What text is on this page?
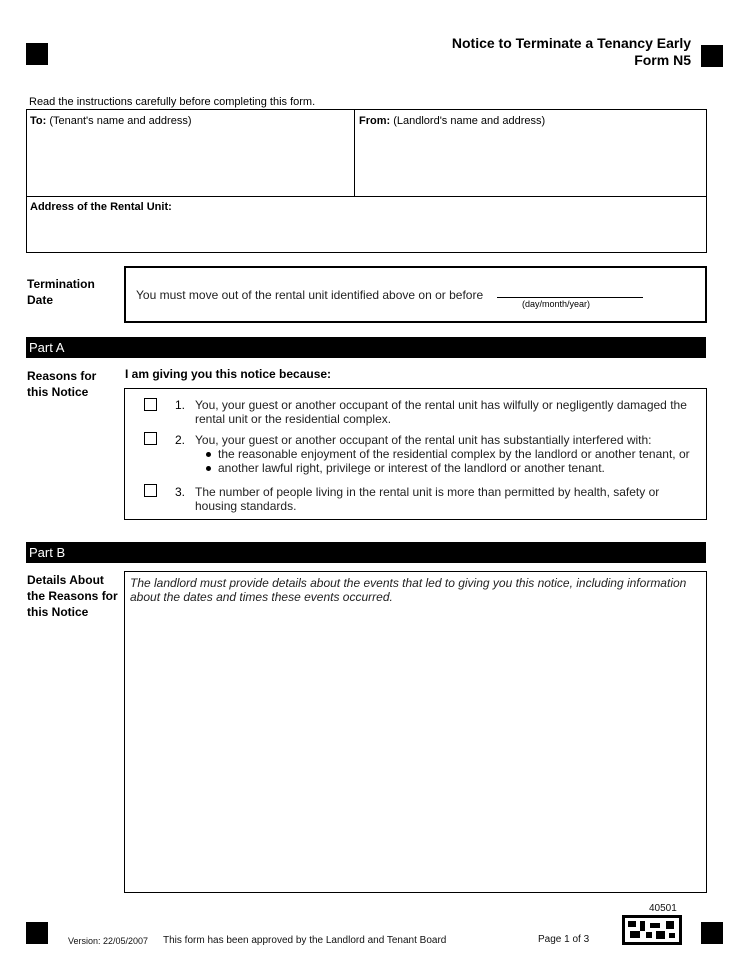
Notice to Terminate a Tenancy Early
Form N5
Read the instructions carefully before completing this form.
To: (Tenant's name and address)	From: (Landlord's name and address)
Address of the Rental Unit:
Termination
Date	You must move out of the rental unit identified above on or before
(day/month/year)
Part A
Reasons for
this Notice
I am giving you this notice because:
1. You, your guest or another occupant of the rental unit has wilfully or negligently damaged the
rental unit or the residential complex.
2. You, your guest or another occupant of the rental unit has substantially interfered with:
the reasonable enjoyment of the residential complex by the landlord or another tenant, or
another lawful right, privilege or interest of the landlord or another tenant.
3. The number of people living in the rental unit is more than permitted by health, safety or
housing standards.
Part B
Details About
the Reasons for
this Notice
The landlord must provide details about the events that led to giving you this notice, including information
about the dates and times these events occurred.
40501
Version: 22/05/2007 This form has been approved by the Landlord and Tenant Board	Page 1 of 3
